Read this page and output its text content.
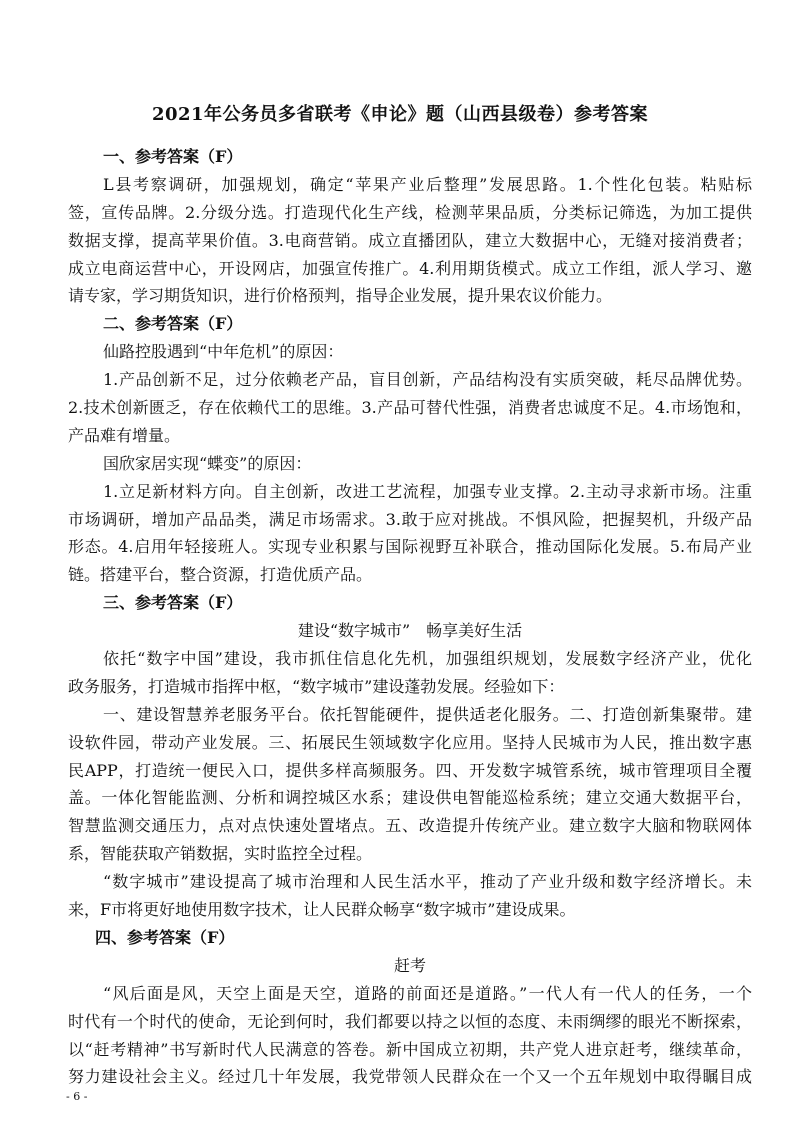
2021年公务员多省联考《申论》题（山西县级卷）参考答案
一、参考答案（F）
L县考察调研，加强规划，确定“苹果产业后整理”发展思路。1.个性化包装。粘贴标
签，宣传品牌。2.分级分选。打造现代化生产线，检测苹果品质，分类标记筛选，为加工提供
数据支撑，提高苹果价值。3.电商营销。成立直播团队，建立大数据中心，无缝对接消费者；
成立电商运营中心，开设网店，加强宣传推广。4.利用期货模式。成立工作组，派人学习、邀
请专家，学习期货知识，进行价格预判，指导企业发展，提升果农议价能力。
二、参考答案（F）
仙路控股遇到“中年危机”的原因：
1.产品创新不足，过分依赖老产品，盲目创新，产品结构没有实质突破，耗尽品牌优势。
2.技术创新匮乏，存在依赖代工的思维。3.产品可替代性强，消费者忠诚度不足。4.市场饱和，
产品难有增量。
国欣家居实现“蝶变”的原因：
1.立足新材料方向。自主创新，改进工艺流程，加强专业支撑。2.主动寻求新市场。注重
市场调研，增加产品品类，满足市场需求。3.敢于应对挑战。不惧风险，把握契机，升级产品
形态。4.启用年轻接班人。实现专业积累与国际视野互补联合，推动国际化发展。5.布局产业
链。搭建平台，整合资源，打造优质产品。
三、参考答案（F）
建设“数字城市”　畅享美好生活
依托“数字中国”建设，我市抓住信息化先机，加强组织规划，发展数字经济产业，优化
政务服务，打造城市指挥中枢，“数字城市”建设蓬勃发展。经验如下：
一、建设智慧养老服务平台。依托智能硬件，提供适老化服务。二、打造创新集聚带。建
设软件园，带动产业发展。三、拓展民生领域数字化应用。坚持人民城市为人民，推出数字惠
民APP，打造统一便民入口，提供多样高频服务。四、开发数字城管系统，城市管理项目全覆
盖。一体化智能监测、分析和调控城区水系；建设供电智能巡检系统；建立交通大数据平台，
智慧监测交通压力，点对点快速处置堵点。五、改造提升传统产业。建立数字大脑和物联网体
系，智能获取产销数据，实时监控全过程。
“数字城市”建设提高了城市治理和人民生活水平，推动了产业升级和数字经济增长。未
来，F市将更好地使用数字技术，让人民群众畅享“数字城市”建设成果。
四、参考答案（F）
赶考
“风后面是风，天空上面是天空，道路的前面还是道路。”一代人有一代人的任务，一个
时代有一个时代的使命，无论到何时，我们都要以持之以恒的态度、未雨绸缪的眼光不断探索，
以“赶考精神”书写新时代人民满意的答卷。新中国成立初期，共产党人进京赶考，继续革命，
努力建设社会主义。经过几十年发展，我党带领人民群众在一个又一个五年规划中取得瞩目成
- 6 -
